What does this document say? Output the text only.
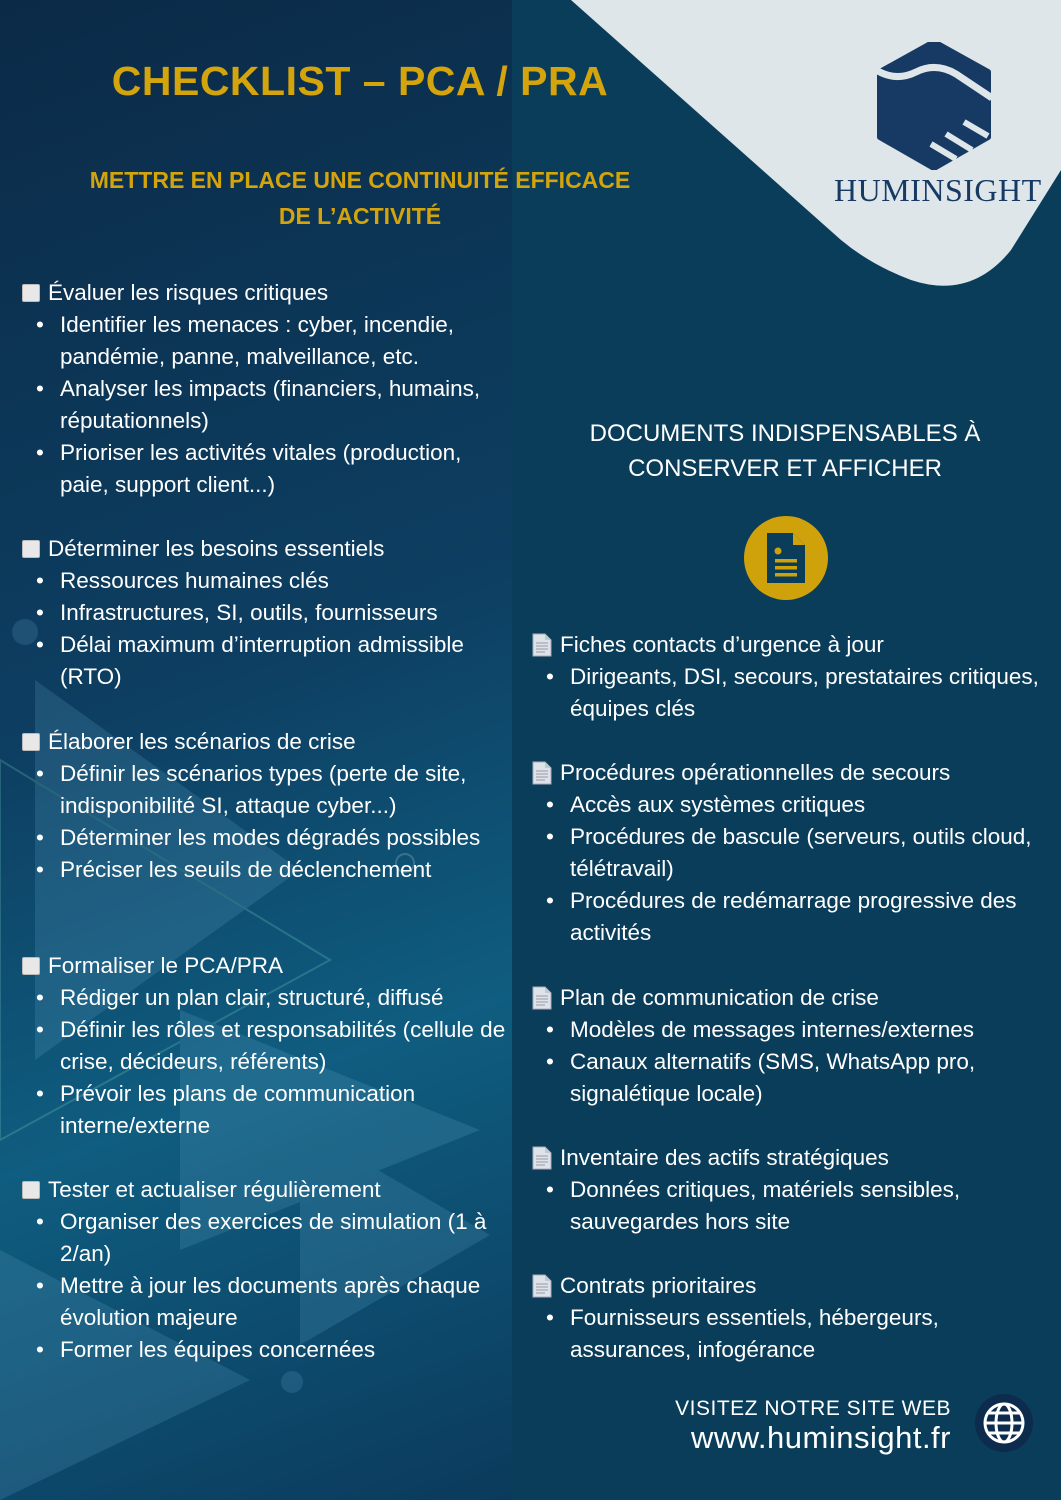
HUMINSIGHT
CHECKLIST – PCA / PRA
METTRE EN PLACE UNE CONTINUITÉ EFFICACE
DE L’ACTIVITÉ
Évaluer les risques critiques
• Identifier les menaces : cyber, incendie, pandémie, panne, malveillance, etc.
• Analyser les impacts (financiers, humains, réputationnels)
• Prioriser les activités vitales (production, paie, support client...)
Déterminer les besoins essentiels
• Ressources humaines clés
• Infrastructures, SI, outils, fournisseurs
• Délai maximum d’interruption admissible (RTO)
Élaborer les scénarios de crise
• Définir les scénarios types (perte de site, indisponibilité SI, attaque cyber...)
• Déterminer les modes dégradés possibles
• Préciser les seuils de déclenchement
Formaliser le PCA/PRA
• Rédiger un plan clair, structuré, diffusé
• Définir les rôles et responsabilités (cellule de crise, décideurs, référents)
• Prévoir les plans de communication interne/externe
Tester et actualiser régulièrement
• Organiser des exercices de simulation (1 à 2/an)
• Mettre à jour les documents après chaque évolution majeure
• Former les équipes concernées
DOCUMENTS INDISPENSABLES À CONSERVER ET AFFICHER
Fiches contacts d’urgence à jour
• Dirigeants, DSI, secours, prestataires critiques, équipes clés
Procédures opérationnelles de secours
• Accès aux systèmes critiques
• Procédures de bascule (serveurs, outils cloud, télétravail)
• Procédures de redémarrage progressive des activités
Plan de communication de crise
• Modèles de messages internes/externes
• Canaux alternatifs (SMS, WhatsApp pro, signalétique locale)
Inventaire des actifs stratégiques
• Données critiques, matériels sensibles, sauvegardes hors site
Contrats prioritaires
• Fournisseurs essentiels, hébergeurs, assurances, infogérance
VISITEZ NOTRE SITE WEB
www.huminsight.fr
